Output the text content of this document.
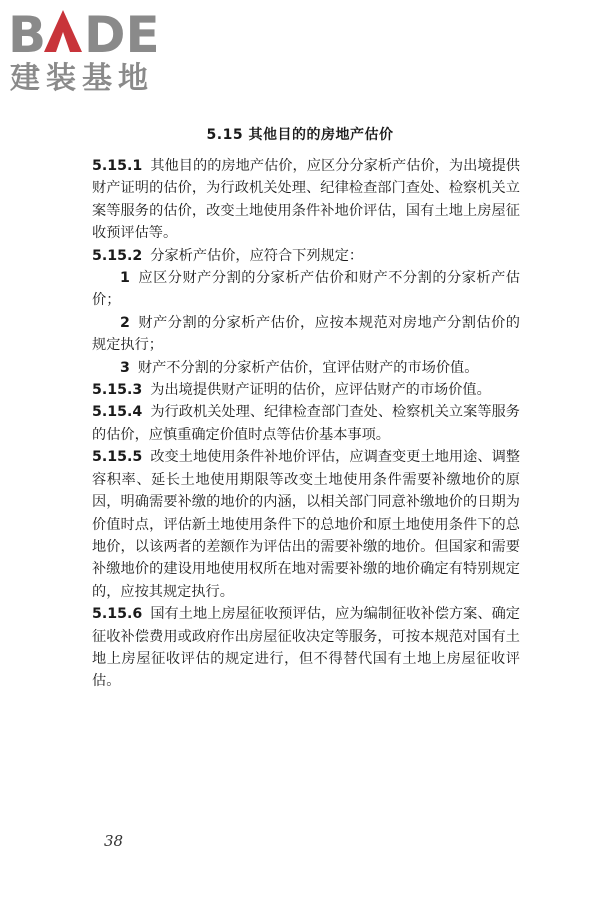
B DE
建装基地
5.15 其他目的的房地产估价

5.15.1 其他目的的房地产估价，应区分分家析产估价，为出境提供财产证明的估价，为行政机关处理、纪律检查部门查处、检察机关立案等服务的估价，改变土地使用条件补地价评估，国有土地上房屋征收预评估等。

5.15.2 分家析产估价，应符合下列规定：

1 应区分财产分割的分家析产估价和财产不分割的分家析产估价；

2 财产分割的分家析产估价，应按本规范对房地产分割估价的规定执行；

3 财产不分割的分家析产估价，宜评估财产的市场价值。

5.15.3 为出境提供财产证明的估价，应评估财产的市场价值。

5.15.4 为行政机关处理、纪律检查部门查处、检察机关立案等服务的估价，应慎重确定价值时点等估价基本事项。

5.15.5 改变土地使用条件补地价评估，应调查变更土地用途、调整容积率、延长土地使用期限等改变土地使用条件需要补缴地价的原因，明确需要补缴的地价的内涵，以相关部门同意补缴地价的日期为价值时点，评估新土地使用条件下的总地价和原土地使用条件下的总地价，以该两者的差额作为评估出的需要补缴的地价。但国家和需要补缴地价的建设用地使用权所在地对需要补缴的地价确定有特别规定的，应按其规定执行。

5.15.6 国有土地上房屋征收预评估，应为编制征收补偿方案、确定征收补偿费用或政府作出房屋征收决定等服务，可按本规范对国有土地上房屋征收评估的规定进行，但不得替代国有土地上房屋征收评估。

38
